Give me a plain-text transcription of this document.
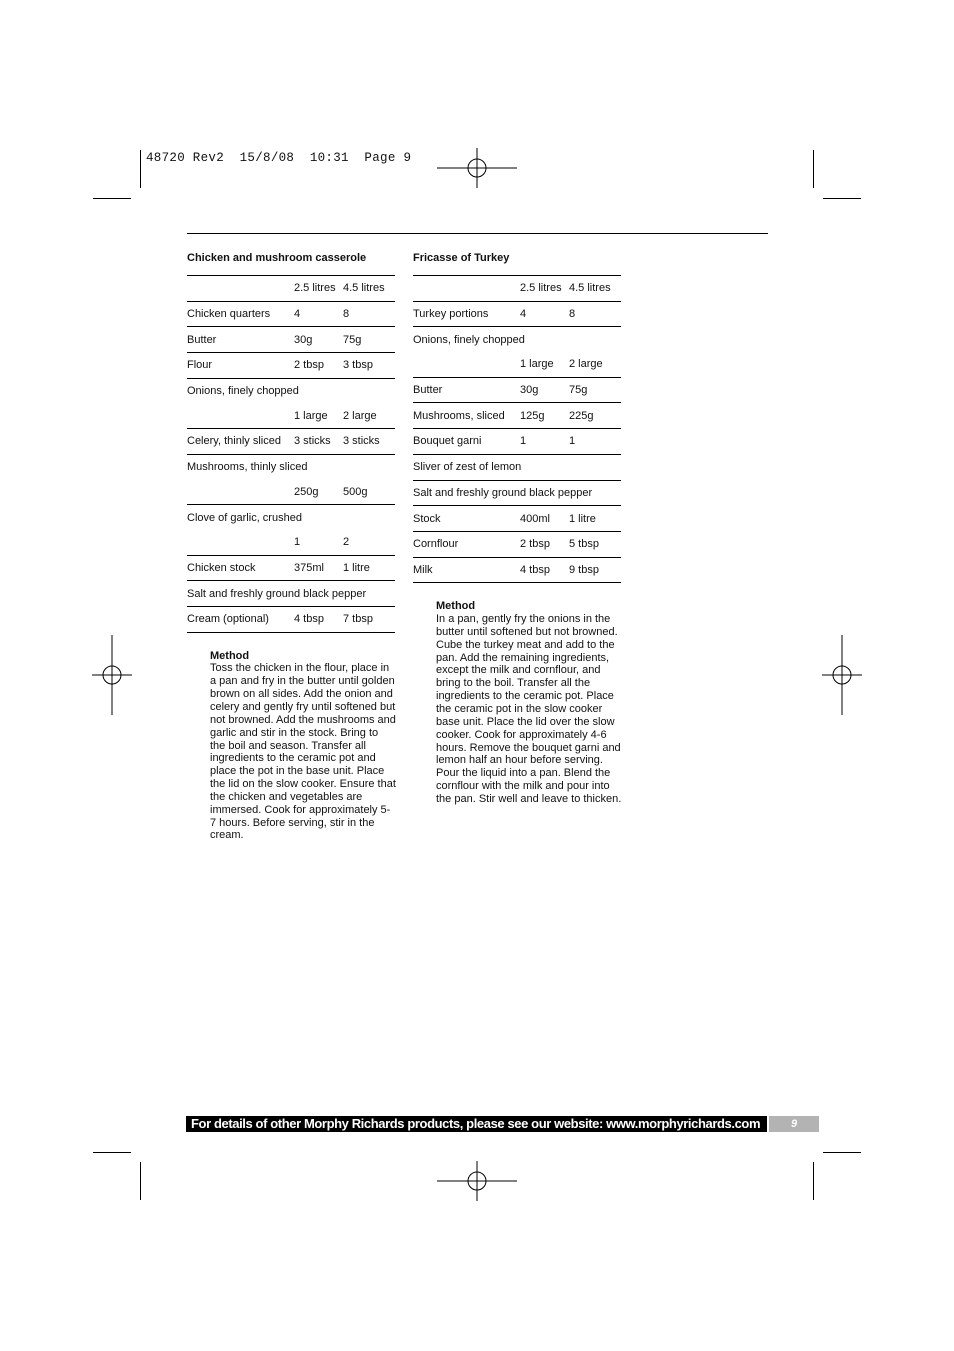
48720 Rev2  15/8/08  10:31  Page 9
Chicken and mushroom casserole
2.5 litres 4.5 litres
Chicken quarters	4	8
Butter	30g	75g
Flour	2 tbsp	3 tbsp
Onions, finely chopped
1 large	2 large
Celery, thinly sliced	3 sticks	3 sticks
Mushrooms, thinly sliced
250g	500g
Clove of garlic, crushed
1	2
Chicken stock	375ml	1 litre
Salt and freshly ground black pepper
Cream (optional)	4 tbsp	7 tbsp
Method
Toss the chicken in the flour, place in a pan and fry in the butter until golden brown on all sides. Add the onion and celery and gently fry until softened but not browned. Add the mushrooms and garlic and stir in the stock. Bring to the boil and season. Transfer all ingredients to the ceramic pot and place the pot in the base unit. Place the lid on the slow cooker. Ensure that the chicken and vegetables are immersed. Cook for approximately 5-7 hours. Before serving, stir in the cream.
Fricasse of Turkey
2.5 litres 4.5 litres
Turkey portions	4	8
Onions, finely chopped
1 large	2 large
Butter	30g	75g
Mushrooms, sliced	125g	225g
Bouquet garni	1	1
Sliver of zest of lemon
Salt and freshly ground black pepper
Stock	400ml	1 litre
Cornflour	2 tbsp	5 tbsp
Milk	4 tbsp	9 tbsp
Method
In a pan, gently fry the onions in the butter until softened but not browned. Cube the turkey meat and add to the pan. Add the remaining ingredients, except the milk and cornflour, and bring to the boil. Transfer all the ingredients to the ceramic pot. Place the ceramic pot in the slow cooker base unit. Place the lid over the slow cooker. Cook for approximately 4-6 hours. Remove the bouquet garni and lemon half an hour before serving. Pour the liquid into a pan. Blend the cornflour with the milk and pour into the pan. Stir well and leave to thicken.
For details of other Morphy Richards products, please see our website: www.morphyrichards.com	9
